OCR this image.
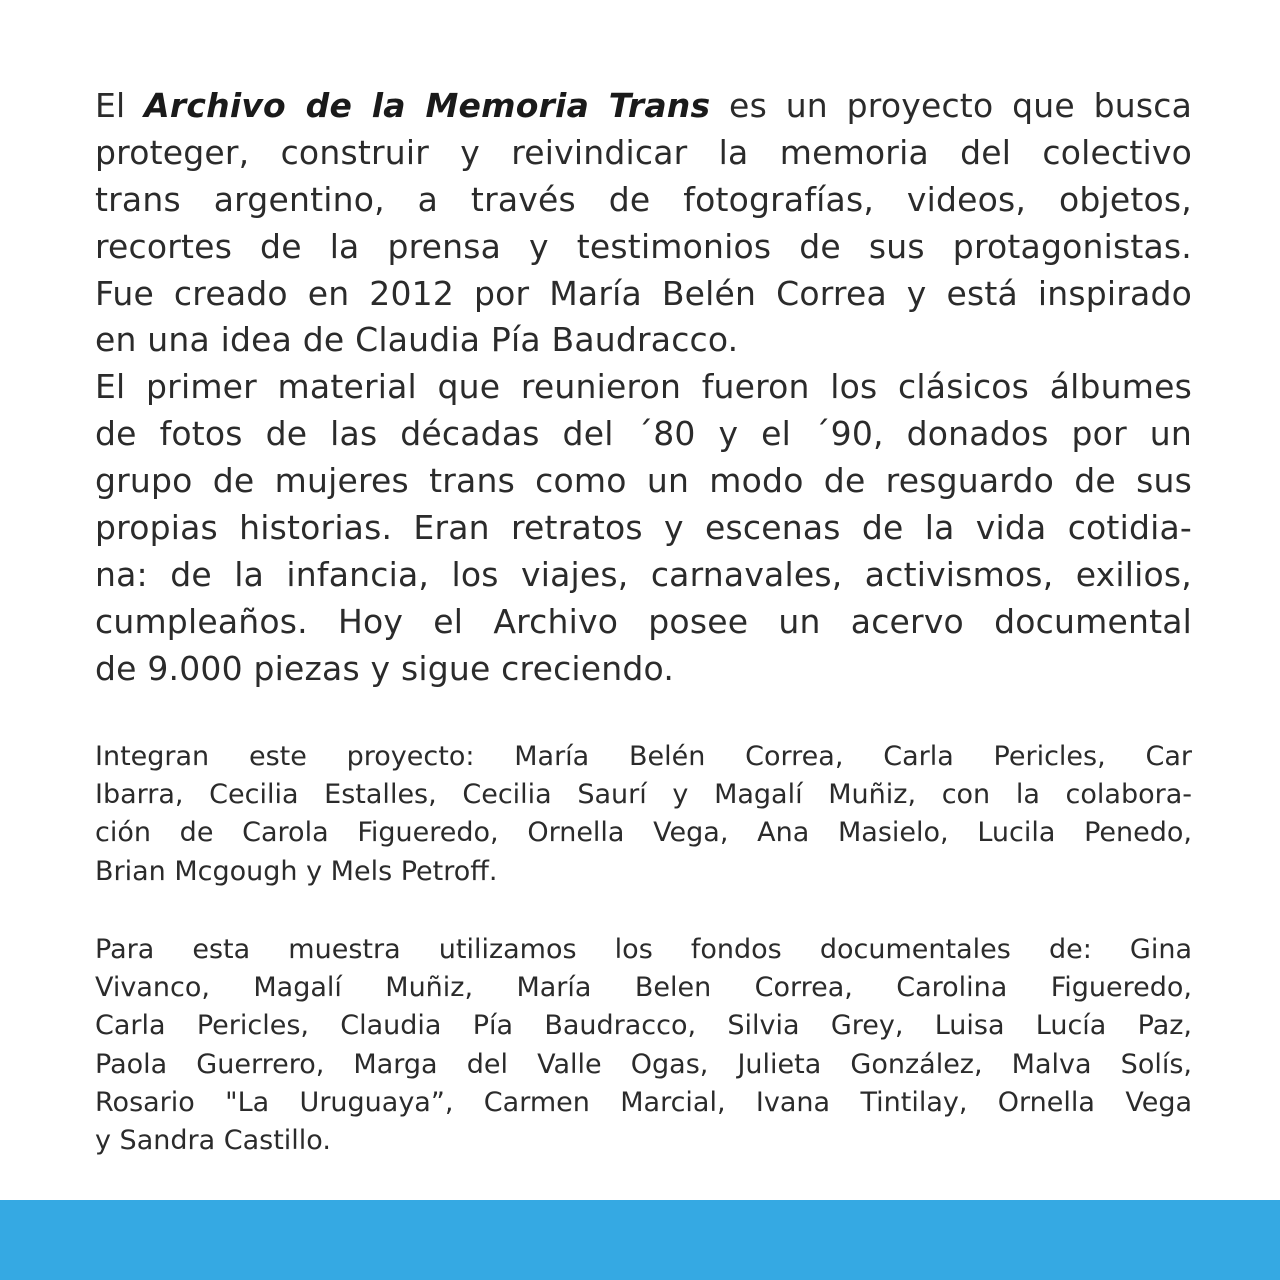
El Archivo de la Memoria Trans es un proyecto que busca
proteger, construir y reivindicar la memoria del colectivo
trans argentino, a través de fotografías, videos, objetos,
recortes de la prensa y testimonios de sus protagonistas.
Fue creado en 2012 por María Belén Correa y está inspirado
en una idea de Claudia Pía Baudracco.
El primer material que reunieron fueron los clásicos álbumes
de fotos de las décadas del ´80 y el ´90, donados por un
grupo de mujeres trans como un modo de resguardo de sus
propias historias. Eran retratos y escenas de la vida cotidia-
na: de la infancia, los viajes, carnavales, activismos, exilios,
cumpleaños. Hoy el Archivo posee un acervo documental
de 9.000 piezas y sigue creciendo.
Integran este proyecto: María Belén Correa, Carla Pericles, Car
Ibarra, Cecilia Estalles, Cecilia Saurí y Magalí Muñiz, con la colabora-
ción de Carola Figueredo, Ornella Vega, Ana Masielo, Lucila Penedo,
Brian Mcgough y Mels Petroff.
Para esta muestra utilizamos los fondos documentales de: Gina
Vivanco, Magalí Muñiz, María Belen Correa, Carolina Figueredo,
Carla Pericles, Claudia Pía Baudracco, Silvia Grey, Luisa Lucía Paz,
Paola Guerrero, Marga del Valle Ogas, Julieta González, Malva Solís,
Rosario "La Uruguaya”, Carmen Marcial, Ivana Tintilay, Ornella Vega
y Sandra Castillo.
